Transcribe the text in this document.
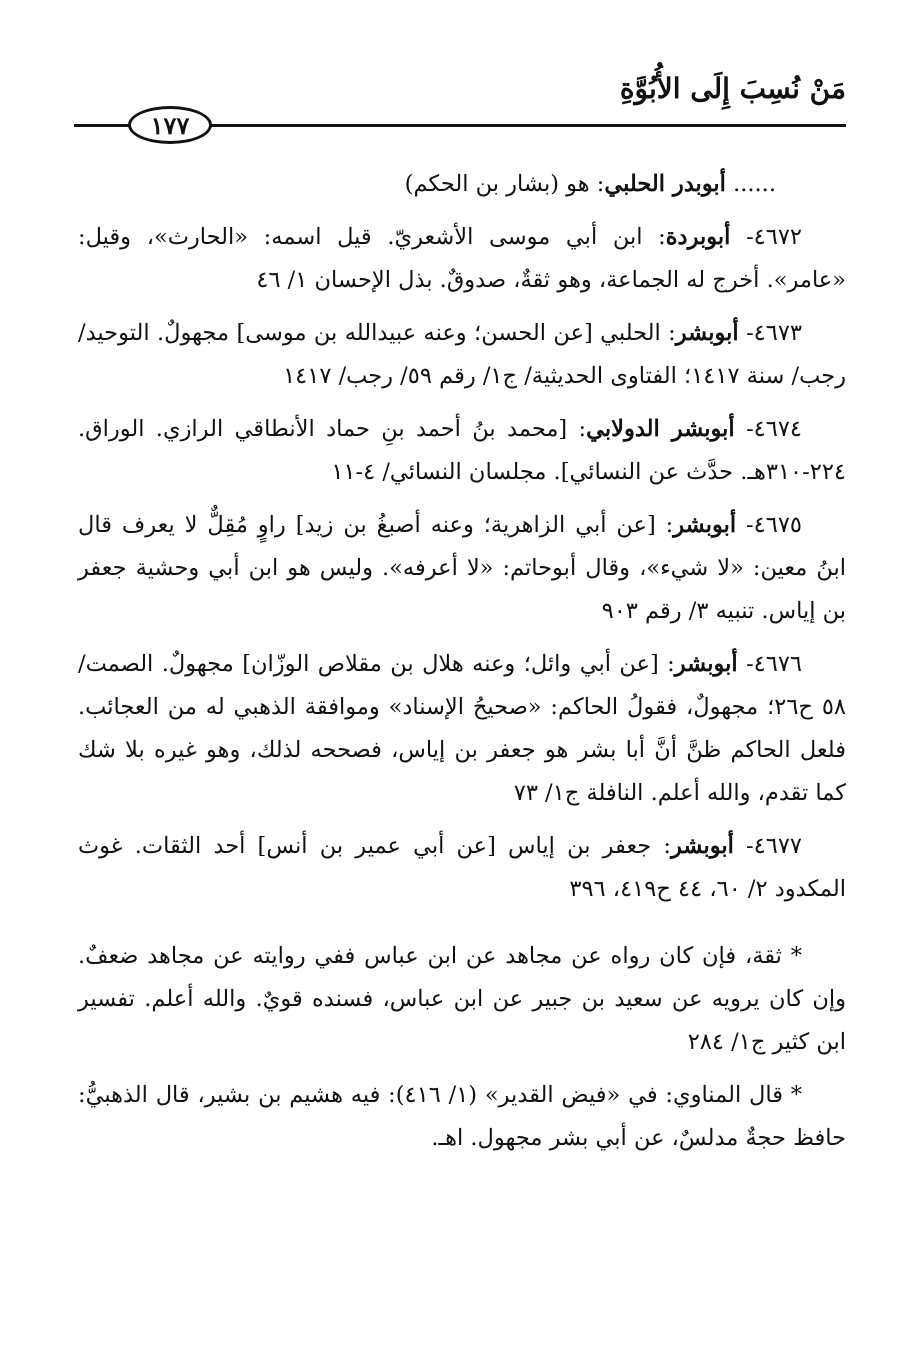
مَنْ نُسِبَ إِلَى الأُبُوَّةِ
١٧٧

...... أبوبدر الحلبي: هو (بشار بن الحكم)

٤٦٧٢- أبوبردة: ابن أبي موسى الأشعريّ. قيل اسمه: «الحارث»، وقيل: «عامر». أخرج له الجماعة، وهو ثقةٌ، صدوقٌ. بذل الإحسان ١/ ٤٦

٤٦٧٣- أبوبشر: الحلبي [عن الحسن؛ وعنه عبيدالله بن موسى] مجهولٌ. التوحيد/ رجب/ سنة ١٤١٧؛ الفتاوى الحديثية/ ج١/ رقم ٥٩/ رجب/ ١٤١٧

٤٦٧٤- أبوبشر الدولابي: [محمد بنُ أحمد بنِ حماد الأنطاقي الرازي. الوراق. ٢٢٤-٣١٠هـ. حدَّث عن النسائي]. مجلسان النسائي/ ٤-١١

٤٦٧٥- أبوبشر: [عن أبي الزاهرية؛ وعنه أصبغُ بن زيد] راوٍ مُقِلٌّ لا يعرف قال ابنُ معين: «لا شيء»، وقال أبوحاتم: «لا أعرفه». وليس هو ابن أبي وحشية جعفر بن إياس. تنبيه ٣/ رقم ٩٠٣

٤٦٧٦- أبوبشر: [عن أبي وائل؛ وعنه هلال بن مقلاص الوزّان] مجهولٌ. الصمت/ ٥٨ ح٢٦؛ مجهولٌ، فقولُ الحاكم: «صحيحُ الإسناد» وموافقة الذهبي له من العجائب. فلعل الحاكم ظنَّ أنَّ أبا بشر هو جعفر بن إياس، فصححه لذلك، وهو غيره بلا شك كما تقدم، والله أعلم. النافلة ج١/ ٧٣

٤٦٧٧- أبوبشر: جعفر بن إياس [عن أبي عمير بن أنس] أحد الثقات. غوث المكدود ٢/ ٦٠، ٤٤ ح٤١٩، ٣٩٦

* ثقة، فإن كان رواه عن مجاهد عن ابن عباس ففي روايته عن مجاهد ضعفٌ. وإن كان يرويه عن سعيد بن جبير عن ابن عباس، فسنده قويٌ. والله أعلم. تفسير ابن كثير ج١/ ٢٨٤

* قال المناوي: في «فيض القدير» (١/ ٤١٦): فيه هشيم بن بشير، قال الذهبيُّ: حافظ حجةٌ مدلسٌ، عن أبي بشر مجهول. اهـ.
